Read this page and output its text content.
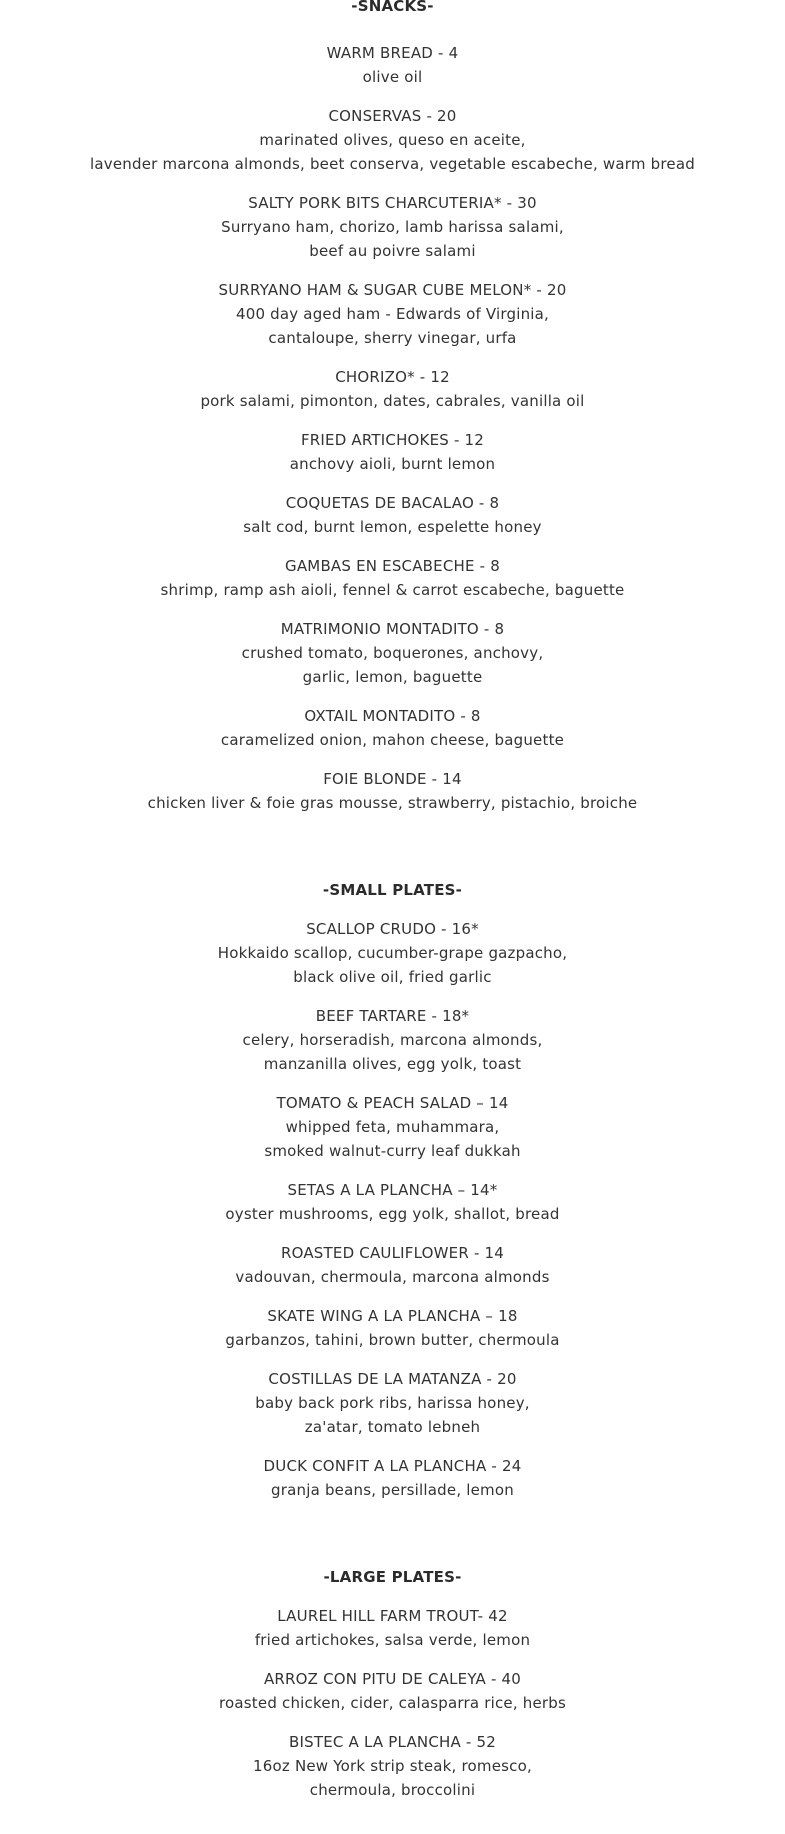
-SNACKS-
WARM BREAD - 4
olive oil
CONSERVAS - 20
marinated olives, queso en aceite,
lavender marcona almonds, beet conserva, vegetable escabeche, warm bread
SALTY PORK BITS CHARCUTERIA* - 30
Surryano ham, chorizo, lamb harissa salami,
beef au poivre salami
SURRYANO HAM & SUGAR CUBE MELON* - 20
400 day aged ham - Edwards of Virginia,
cantaloupe, sherry vinegar, urfa
CHORIZO* - 12
pork salami, pimonton, dates, cabrales, vanilla oil
FRIED ARTICHOKES - 12
anchovy aioli, burnt lemon
COQUETAS DE BACALAO - 8
salt cod, burnt lemon, espelette honey
GAMBAS EN ESCABECHE - 8
shrimp, ramp ash aioli, fennel & carrot escabeche, baguette
MATRIMONIO MONTADITO - 8
crushed tomato, boquerones, anchovy,
garlic, lemon, baguette
OXTAIL MONTADITO - 8
caramelized onion, mahon cheese, baguette
FOIE BLONDE - 14
chicken liver & foie gras mousse, strawberry, pistachio, broiche
-SMALL PLATES-
SCALLOP CRUDO - 16*
Hokkaido scallop, cucumber-grape gazpacho,
black olive oil, fried garlic
BEEF TARTARE - 18*
celery, horseradish, marcona almonds,
manzanilla olives, egg yolk, toast
TOMATO & PEACH SALAD – 14
whipped feta, muhammara,
smoked walnut-curry leaf dukkah
SETAS A LA PLANCHA – 14*
oyster mushrooms, egg yolk, shallot, bread
ROASTED CAULIFLOWER - 14
vadouvan, chermoula, marcona almonds
SKATE WING A LA PLANCHA – 18
garbanzos, tahini, brown butter, chermoula
COSTILLAS DE LA MATANZA - 20
baby back pork ribs, harissa honey,
za'atar, tomato lebneh
DUCK CONFIT A LA PLANCHA - 24
granja beans, persillade, lemon
-LARGE PLATES-
LAUREL HILL FARM TROUT- 42
fried artichokes, salsa verde, lemon
ARROZ CON PITU DE CALEYA - 40
roasted chicken, cider, calasparra rice, herbs
BISTEC A LA PLANCHA - 52
16oz New York strip steak, romesco,
chermoula, broccolini
